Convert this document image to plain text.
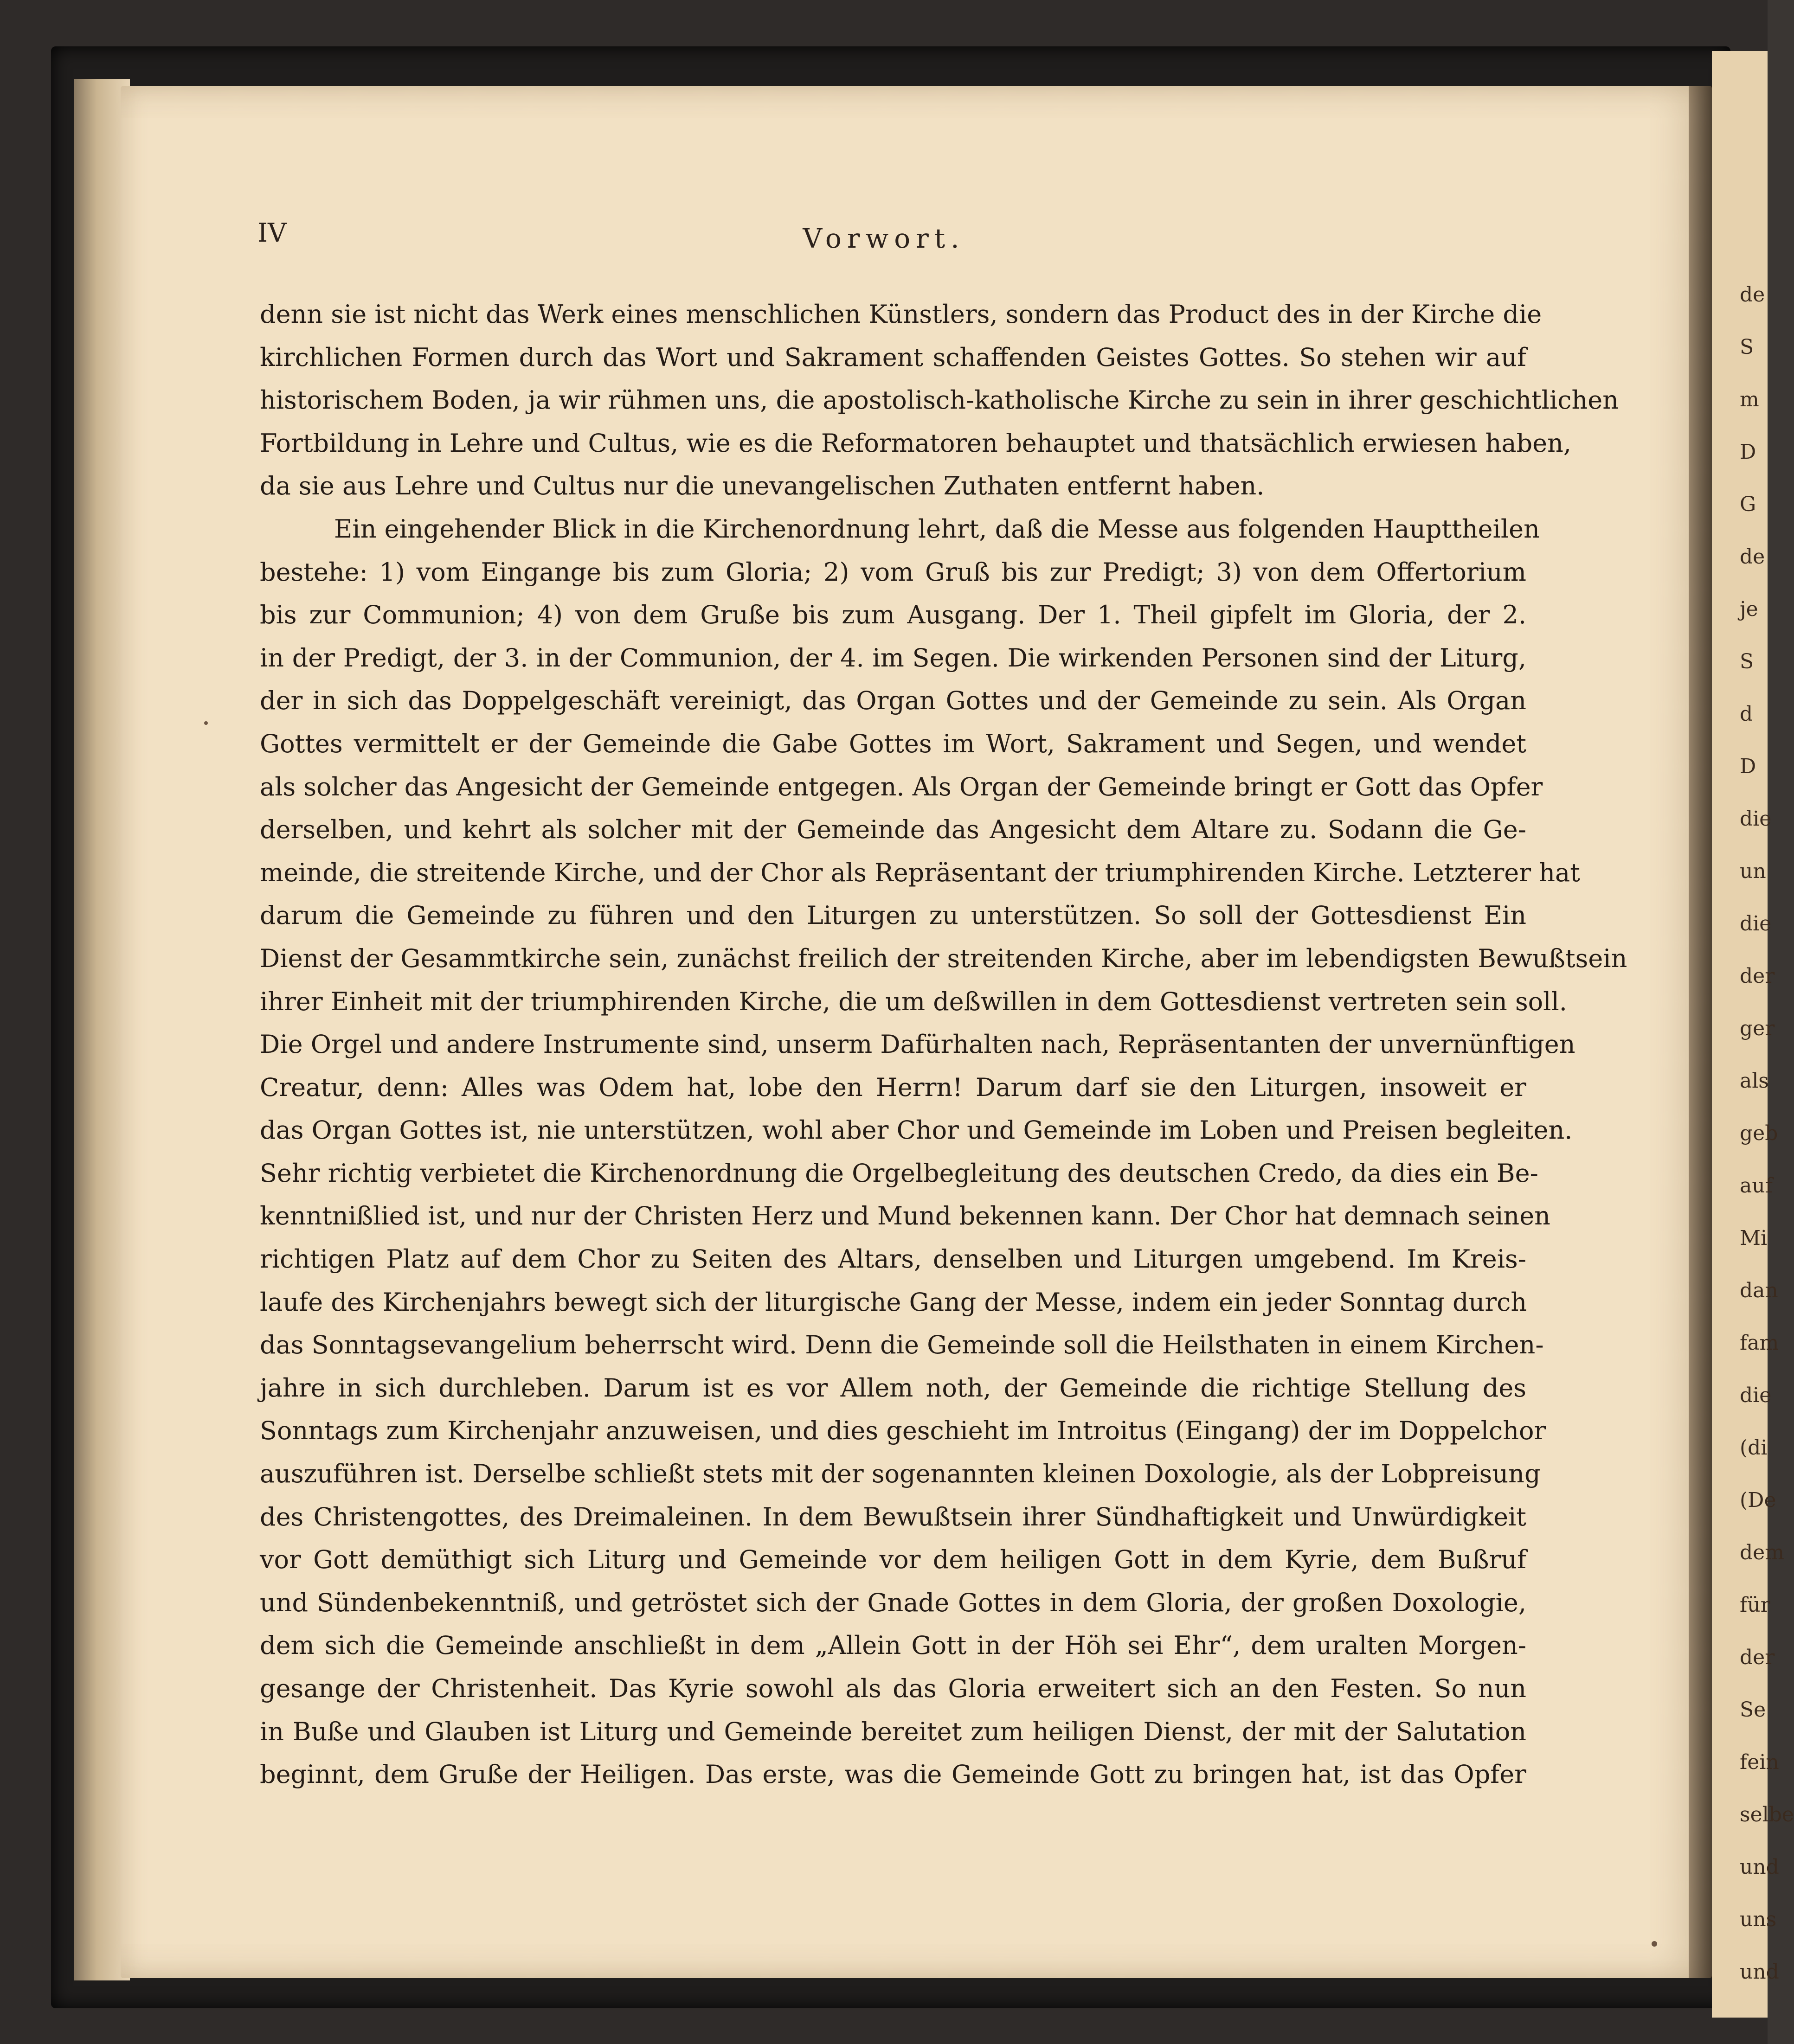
de
S
m
D
G
de
je
S
d
D
die
un
die
der
ger
als
geb
auf
Mi
dan
fam
die
(di
(De
dem
für
der
Se
fein
selbe
und
uns
und
IV	Vorwort.
denn sie ist nicht das Werk eines menschlichen Künstlers, sondern das Product des in der Kirche die
kirchlichen Formen durch das Wort und Sakrament schaffenden Geistes Gottes. So stehen wir auf
historischem Boden, ja wir rühmen uns, die apostolisch-katholische Kirche zu sein in ihrer geschichtlichen
Fortbildung in Lehre und Cultus, wie es die Reformatoren behauptet und thatsächlich erwiesen haben,
da sie aus Lehre und Cultus nur die unevangelischen Zuthaten entfernt haben.
Ein eingehender Blick in die Kirchenordnung lehrt, daß die Messe aus folgenden Haupttheilen
bestehe: 1) vom Eingange bis zum Gloria; 2) vom Gruß bis zur Predigt; 3) von dem Offertorium
bis zur Communion; 4) von dem Gruße bis zum Ausgang. Der 1. Theil gipfelt im Gloria, der 2.
in der Predigt, der 3. in der Communion, der 4. im Segen. Die wirkenden Personen sind der Liturg,
der in sich das Doppelgeschäft vereinigt, das Organ Gottes und der Gemeinde zu sein. Als Organ
Gottes vermittelt er der Gemeinde die Gabe Gottes im Wort, Sakrament und Segen, und wendet
als solcher das Angesicht der Gemeinde entgegen. Als Organ der Gemeinde bringt er Gott das Opfer
derselben, und kehrt als solcher mit der Gemeinde das Angesicht dem Altare zu. Sodann die Ge-
meinde, die streitende Kirche, und der Chor als Repräsentant der triumphirenden Kirche. Letzterer hat
darum die Gemeinde zu führen und den Liturgen zu unterstützen. So soll der Gottesdienst Ein
Dienst der Gesammtkirche sein, zunächst freilich der streitenden Kirche, aber im lebendigsten Bewußtsein
ihrer Einheit mit der triumphirenden Kirche, die um deßwillen in dem Gottesdienst vertreten sein soll.
Die Orgel und andere Instrumente sind, unserm Dafürhalten nach, Repräsentanten der unvernünftigen
Creatur, denn: Alles was Odem hat, lobe den Herrn! Darum darf sie den Liturgen, insoweit er
das Organ Gottes ist, nie unterstützen, wohl aber Chor und Gemeinde im Loben und Preisen begleiten.
Sehr richtig verbietet die Kirchenordnung die Orgelbegleitung des deutschen Credo, da dies ein Be-
kenntnißlied ist, und nur der Christen Herz und Mund bekennen kann. Der Chor hat demnach seinen
richtigen Platz auf dem Chor zu Seiten des Altars, denselben und Liturgen umgebend. Im Kreis-
laufe des Kirchenjahrs bewegt sich der liturgische Gang der Messe, indem ein jeder Sonntag durch
das Sonntagsevangelium beherrscht wird. Denn die Gemeinde soll die Heilsthaten in einem Kirchen-
jahre in sich durchleben. Darum ist es vor Allem noth, der Gemeinde die richtige Stellung des
Sonntags zum Kirchenjahr anzuweisen, und dies geschieht im Introitus (Eingang) der im Doppelchor
auszuführen ist. Derselbe schließt stets mit der sogenannten kleinen Doxologie, als der Lobpreisung
des Christengottes, des Dreimaleinen. In dem Bewußtsein ihrer Sündhaftigkeit und Unwürdigkeit
vor Gott demüthigt sich Liturg und Gemeinde vor dem heiligen Gott in dem Kyrie, dem Bußruf
und Sündenbekenntniß, und getröstet sich der Gnade Gottes in dem Gloria, der großen Doxologie,
dem sich die Gemeinde anschließt in dem „Allein Gott in der Höh sei Ehr“, dem uralten Morgen-
gesange der Christenheit. Das Kyrie sowohl als das Gloria erweitert sich an den Festen. So nun
in Buße und Glauben ist Liturg und Gemeinde bereitet zum heiligen Dienst, der mit der Salutation
beginnt, dem Gruße der Heiligen. Das erste, was die Gemeinde Gott zu bringen hat, ist das Opfer
